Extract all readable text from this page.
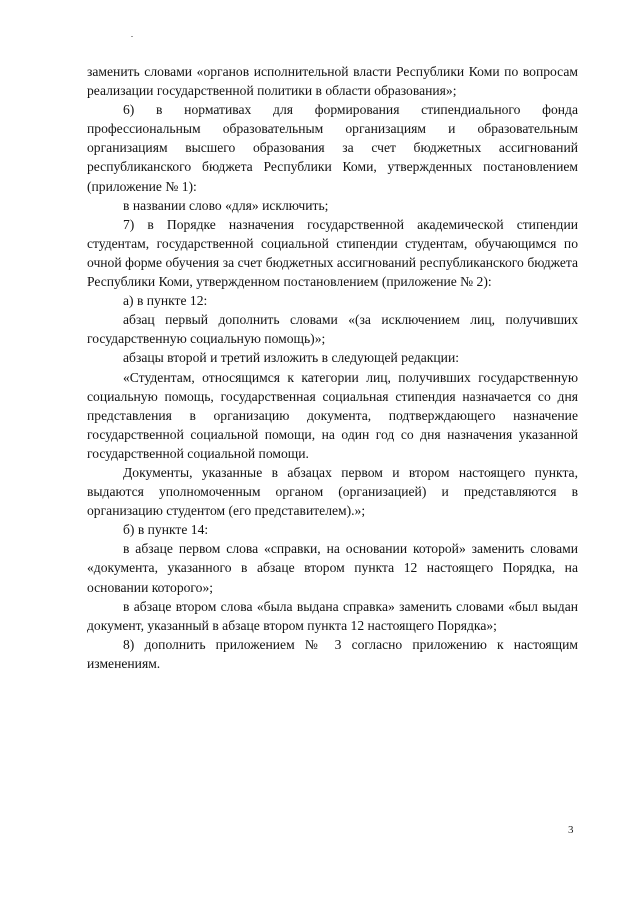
заменить словами «органов исполнительной власти Республики Коми по вопросам реализации государственной политики в области образования»;

6) в нормативах для формирования стипендиального фонда профессиональным образовательным организациям и образовательным организациям высшего образования за счет бюджетных ассигнований республиканского бюджета Республики Коми, утвержденных постановлением (приложение № 1):

в названии слово «для» исключить;

7) в Порядке назначения государственной академической стипендии студентам, государственной социальной стипендии студентам, обучающимся по очной форме обучения за счет бюджетных ассигнований республиканского бюджета Республики Коми, утвержденном постановлением (приложение № 2):

а) в пункте 12:

абзац первый дополнить словами «(за исключением лиц, получивших государственную социальную помощь)»;

абзацы второй и третий изложить в следующей редакции:

«Студентам, относящимся к категории лиц, получивших государственную социальную помощь, государственная социальная стипендия назначается со дня представления в организацию документа, подтверждающего назначение государственной социальной помощи, на один год со дня назначения указанной государственной социальной помощи.

Документы, указанные в абзацах первом и втором настоящего пункта, выдаются уполномоченным органом (организацией) и представляются в организацию студентом (его представителем).»;

б) в пункте 14:

в абзаце первом слова «справки, на основании которой» заменить словами «документа, указанного в абзаце втором пункта 12 настоящего Порядка, на основании которого»;

в абзаце втором слова «была выдана справка» заменить словами «был выдан документ, указанный в абзаце втором пункта 12 настоящего Порядка»;

8) дополнить приложением № 3 согласно приложению к настоящим изменениям.

3
